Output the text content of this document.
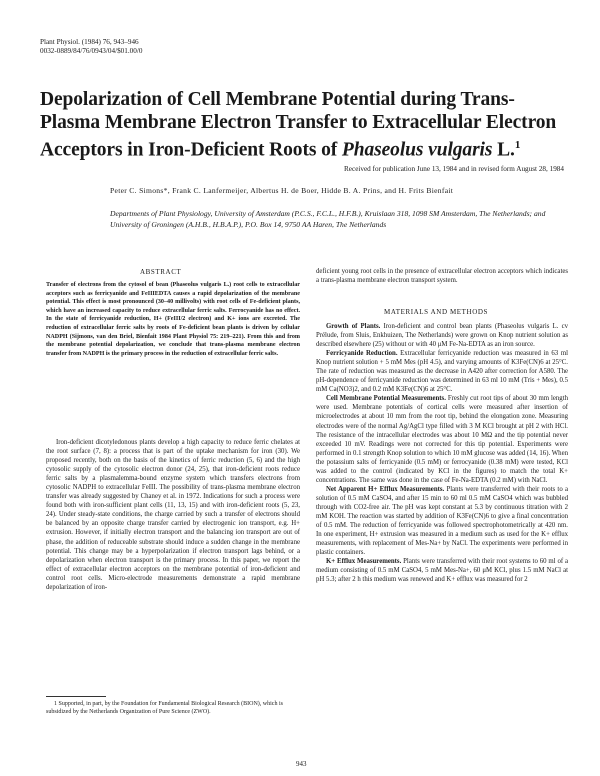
Plant Physiol. (1984) 76, 943–946
0032-0889/84/76/0943/04/$01.00/0
Depolarization of Cell Membrane Potential during Trans-Plasma Membrane Electron Transfer to Extracellular Electron Acceptors in Iron-Deficient Roots of Phaseolus vulgaris L.$^1$
Received for publication June 13, 1984 and in revised form August 28, 1984
Peter C. Simons*, Frank C. Lanfermeijer, Albertus H. de Boer, Hidde B. A. Prins, and H. Frits Bienfait
Departments of Plant Physiology, University of Amsterdam (P.C.S., F.C.L., H.F.B.), Kruislaan 318, 1098 SM Amsterdam, The Netherlands; and University of Groningen (A.H.B., H.B.A.P.), P.O. Box 14, 9750 AA Haren, The Netherlands
ABSTRACT
Transfer of electrons from the cytosol of bean (Phaseolus vulgaris L.) root cells to extracellular acceptors such as ferricyanide and FeIIIEDTA causes a rapid depolarization of the membrane potential. This effect is most pronounced (30–40 millivolts) with root cells of Fe-deficient plants, which have an increased capacity to reduce extracellular ferric salts. Ferrocyanide has no effect. In the state of ferricyanide reduction, H+ (FeIII/2 electron) and K+ ions are excreted. The reduction of extracellular ferric salts by roots of Fe-deficient bean plants is driven by cellular NADPH (Sijmons, van den Briel, Bienfait 1984 Plant Physiol 75: 219–221). From this and from the membrane potential depolarization, we conclude that trans-plasma membrane electron transfer from NADPH is the primary process in the reduction of extracellular ferric salts.

Iron-deficient dicotyledonous plants develop a high capacity to reduce ferric chelates at the root surface (7, 8): a process that is part of the uptake mechanism for iron (30). We proposed recently, both on the basis of the kinetics of ferric reduction (5, 6) and the high cytosolic supply of the cytosolic electron donor (24, 25), that iron-deficient roots reduce ferric salts by a plasmalemma-bound enzyme system which transfers electrons from cytosolic NADPH to extracellular FeIII. The possibility of trans-plasma membrane electron transfer was already suggested by Chaney et al. in 1972. Indications for such a process were found both with iron-sufficient plant cells (11, 13, 15) and with iron-deficient roots (5, 23, 24). Under steady-state conditions, the charge carried by such a transfer of electrons should be balanced by an opposite charge transfer carried by electrogenic ion transport, e.g. H+ extrusion. However, if initially electron transport and the balancing ion transport are out of phase, the addition of reduceable substrate should induce a sudden change in the membrane potential. This change may be a hyperpolarization if electron transport lags behind, or a depolarization when electron transport is the primary process. In this paper, we report the effect of extracellular electron acceptors on the membrane potential of iron-deficient and control root cells. Micro-electrode measurements demonstrate a rapid membrane depolarization of iron-

deficient young root cells in the presence of extracellular electron acceptors which indicates a trans-plasma membrane electron transport system.

MATERIALS AND METHODS

Growth of Plants. Iron-deficient and control bean plants (Phaseolus vulgaris L. cv Prélude, from Sluis, Enkhuizen, The Netherlands) were grown on Knop nutrient solution as described elsewhere (25) without or with 40 μM Fe-Na-EDTA as an iron source.

Ferricyanide Reduction. Extracellular ferricyanide reduction was measured in 63 ml Knop nutrient solution + 5 mM Mes (pH 4.5), and varying amounts of K3Fe(CN)6 at 25°C. The rate of reduction was measured as the decrease in A420 after correction for A580. The pH-dependence of ferricyanide reduction was determined in 63 ml 10 mM (Tris + Mes), 0.5 mM Ca(NO3)2, and 0.2 mM K3Fe(CN)6 at 25°C.

Cell Membrane Potential Measurements. Freshly cut root tips of about 30 mm length were used. Membrane potentials of cortical cells were measured after insertion of microelectrodes at about 10 mm from the root tip, behind the elongation zone. Measuring electrodes were of the normal Ag/AgCl type filled with 3 M KCl brought at pH 2 with HCl. The resistance of the intracellular electrodes was about 10 MΩ and the tip potential never exceeded 10 mV. Readings were not corrected for this tip potential. Experiments were performed in 0.1 strength Knop solution to which 10 mM glucose was added (14, 16). When the potassium salts of ferricyanide (0.5 mM) or ferrocyanide (0.38 mM) were tested, KCl was added to the control (indicated by KCl in the figures) to match the total K+ concentrations. The same was done in the case of Fe-Na-EDTA (0.2 mM) with NaCl.

Net Apparent H+ Efflux Measurements. Plants were transferred with their roots to a solution of 0.5 mM CaSO4, and after 15 min to 60 ml 0.5 mM CaSO4 which was bubbled through with CO2-free air. The pH was kept constant at 5.3 by continuous titration with 2 mM KOH. The reaction was started by addition of K3Fe(CN)6 to give a final concentration of 0.5 mM. The reduction of ferricyanide was followed spectrophotometrically at 420 nm. In one experiment, H+ extrusion was measured in a medium such as used for the K+ efflux measurements, with replacement of Mes-Na+ by NaCl. The experiments were performed in plastic containers.

K+ Efflux Measurements. Plants were transferred with their root systems to 60 ml of a medium consisting of 0.5 mM CaSO4, 5 mM Mes-Na+, 60 μM KCl, plus 1.5 mM NaCl at pH 5.3; after 2 h this medium was renewed and K+ efflux was measured for 2

1 Supported, in part, by the Foundation for Fundamental Biological Research (BION), which is subsidized by the Netherlands Organization of Pure Science (ZWO).
943
